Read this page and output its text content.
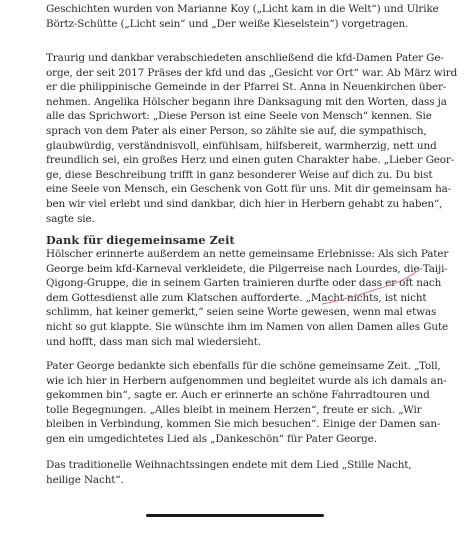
Geschichten wurden von Marianne Koy („Licht kam in die Welt“) und Ulrike
Börtz-Schütte („Licht sein“ und „Der weiße Kieselstein“) vorgetragen.

Traurig und dankbar verabschiedeten anschließend die kfd-Damen Pater Ge-
orge, der seit 2017 Präses der kfd und das „Gesicht vor Ort“ war. Ab März wird
er die philippinische Gemeinde in der Pfarrei St. Anna in Neuenkirchen über-
nehmen. Angelika Hölscher begann ihre Danksagung mit den Worten, dass ja
alle das Sprichwort: „Diese Person ist eine Seele von Mensch“ kennen. Sie
sprach von dem Pater als einer Person, so zählte sie auf, die sympathisch,
glaubwürdig, verständnisvoll, einfühlsam, hilfsbereit, warmherzig, nett und
freundlich sei, ein großes Herz und einen guten Charakter habe. „Lieber Geor-
ge, diese Beschreibung trifft in ganz besonderer Weise auf dich zu. Du bist
eine Seele von Mensch, ein Geschenk von Gott für uns. Mit dir gemeinsam ha-
ben wir viel erlebt und sind dankbar, dich hier in Herbern gehabt zu haben“,
sagte sie.

Dank für diegemeinsame Zeit

Hölscher erinnerte außerdem an nette gemeinsame Erlebnisse: Als sich Pater
George beim kfd-Karneval verkleidete, die Pilgerreise nach Lourdes, die Taiji-
Qigong-Gruppe, die in seinem Garten trainieren durfte oder dass er oft nach
dem Gottesdienst alle zum Klatschen aufforderte. „Macht nichts, ist nicht
schlimm, hat keiner gemerkt,“ seien seine Worte gewesen, wenn mal etwas
nicht so gut klappte. Sie wünschte ihm im Namen von allen Damen alles Gute
und hofft, dass man sich mal wiedersieht.

Pater George bedankte sich ebenfalls für die schöne gemeinsame Zeit. „Toll,
wie ich hier in Herbern aufgenommen und begleitet wurde als ich damals an-
gekommen bin“, sagte er. Auch er erinnerte an schöne Fahrradtouren und
tolle Begegnungen. „Alles bleibt in meinem Herzen“, freute er sich. „Wir
bleiben in Verbindung, kommen Sie mich besuchen“. Einige der Damen san-
gen ein umgedichtetes Lied als „Dankeschön“ für Pater George.

Das traditionelle Weihnachtssingen endete mit dem Lied „Stille Nacht,
heilige Nacht“.
